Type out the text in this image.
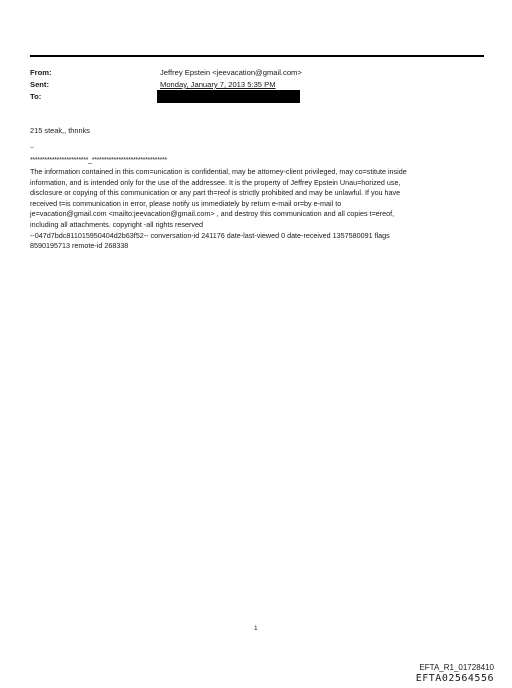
From:	Jeffrey Epstein <jeevacation@gmail.com>
Sent:	Monday, January 7, 2013 5:35 PM
To:
215 steak,, thnnks
--
************************_*******************************
The information contained in this com=unication is confidential, may be attorney-client privileged, may co=stitute inside
information, and is intended only for the use of the addressee. It is the property of Jeffrey Epstein Unau=horized use,
disclosure or copying of this communication or any part th=reof is strictly prohibited and may be unlawful. If you have
received t=is communication in error, please notify us immediately by return e-mail or=by e-mail to
je=vacation@gmail.com <mailto:jeevacation@gmail.com> , and destroy this communication and all copies t=ereof,
including all attachments. copyright -all rights reserved
--047d7bdc811015950404d2b63f52-- conversation-id 241176 date-last-viewed 0 date-received 1357580091 flags
8590195713 remote-id 268338
1
EFTA_R1_01728410
EFTA02564556
